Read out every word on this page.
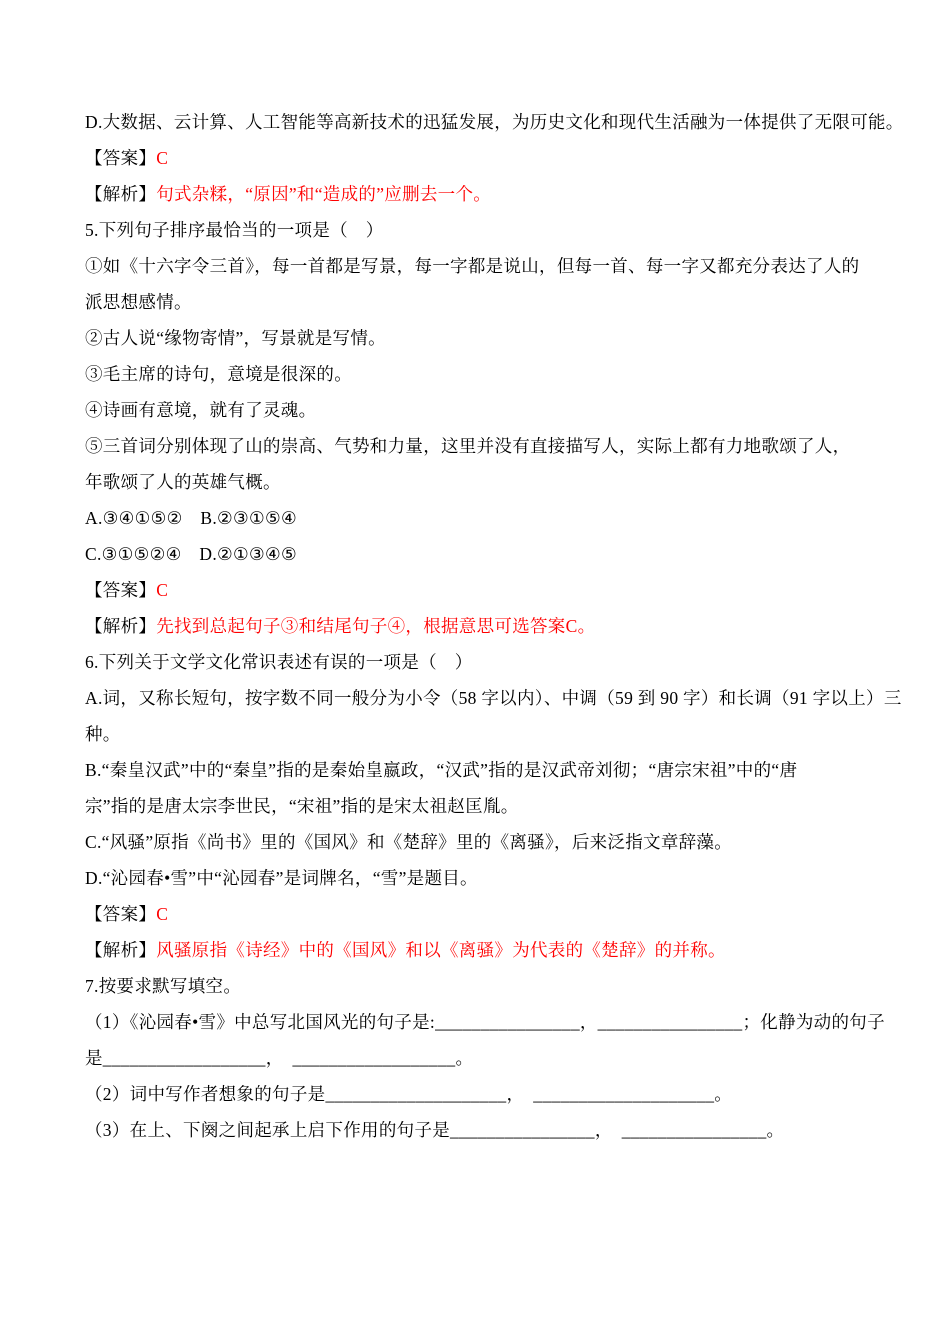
D.大数据、云计算、人工智能等高新技术的迅猛发展，为历史文化和现代生活融为一体提供了无限可能。
【答案】C
【解析】句式杂糅，“原因”和“造成的”应删去一个。
5.下列句子排序最恰当的一项是（　）
①如《十六字令三首》，每一首都是写景，每一字都是说山，但每一首、每一字又都充分表达了人的
派思想感情。
②古人说“缘物寄情”，写景就是写情。
③毛主席的诗句，意境是很深的。
④诗画有意境，就有了灵魂。
⑤三首词分别体现了山的崇高、气势和力量，这里并没有直接描写人，实际上都有力地歌颂了人，
年歌颂了人的英雄气概。
A.③④①⑤②　B.②③①⑤④
C.③①⑤②④　D.②①③④⑤
【答案】C
【解析】先找到总起句子③和结尾句子④，根据意思可选答案C。
6.下列关于文学文化常识表述有误的一项是（　）
A.词，又称长短句，按字数不同一般分为小令（58 字以内）、中调（59 到 90 字）和长调（91 字以上）三
种。
B.“秦皇汉武”中的“秦皇”指的是秦始皇嬴政，“汉武”指的是汉武帝刘彻；“唐宗宋祖”中的“唐
宗”指的是唐太宗李世民，“宋祖”指的是宋太祖赵匡胤。
C.“风骚”原指《尚书》里的《国风》和《楚辞》里的《离骚》，后来泛指文章辞藻。
D.“沁园春•雪”中“沁园春”是词牌名，“雪”是题目。
【答案】C
【解析】风骚原指《诗经》中的《国风》和以《离骚》为代表的《楚辞》的并称。
7.按要求默写填空。
（1）《沁园春•雪》中总写北国风光的句子是:________________，________________；化静为动的句子
是__________________，　__________________。
（2）词中写作者想象的句子是____________________，　____________________。
（3）在上、下阕之间起承上启下作用的句子是________________，　________________。
